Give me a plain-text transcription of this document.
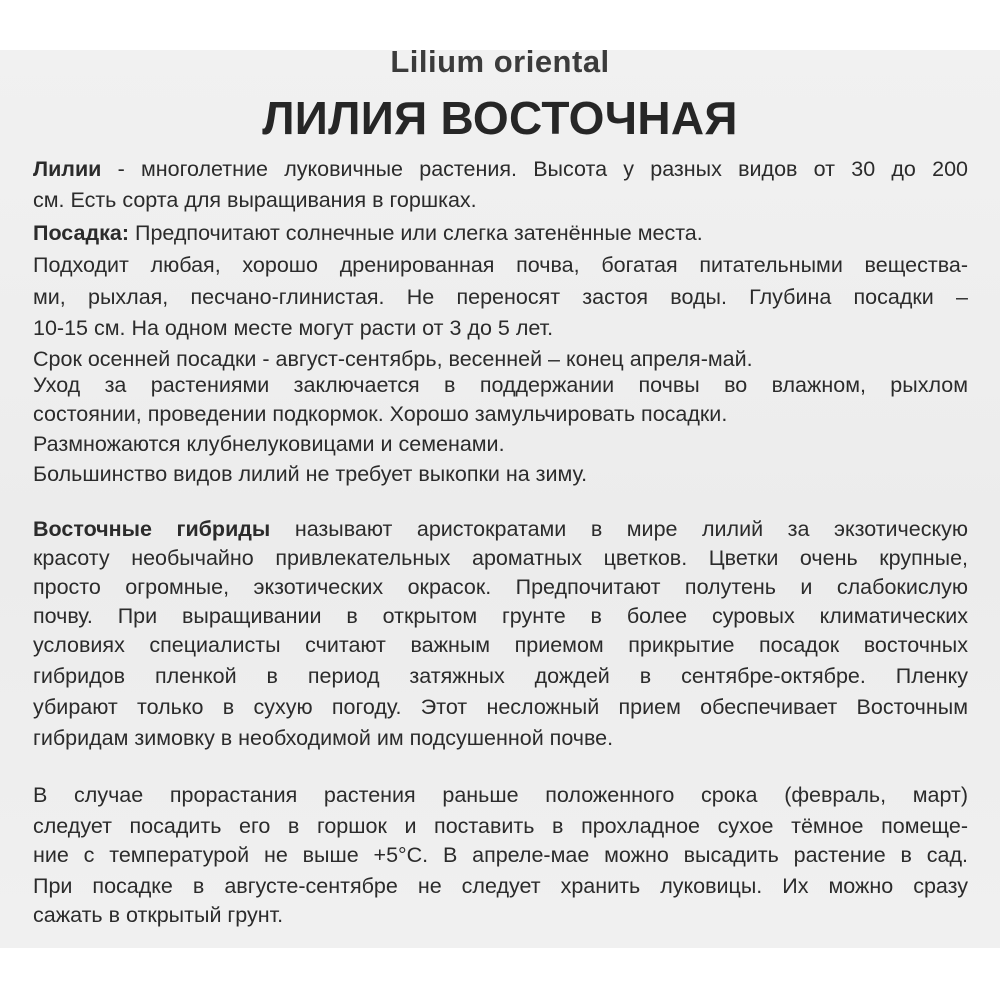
Lilium oriental
ЛИЛИЯ ВОСТОЧНАЯ
Лилии - многолетние луковичные растения. Высота у разных видов от 30 до 200
см. Есть сорта для выращивания в горшках.
Посадка: Предпочитают солнечные или слегка затенённые места.
Подходит любая, хорошо дренированная почва, богатая питательными вещества-
ми, рыхлая, песчано-глинистая. Не переносят застоя воды. Глубина посадки –
10-15 см. На одном месте могут расти от 3 до 5 лет.
Срок осенней посадки - август-сентябрь, весенней – конец апреля-май.
Уход за растениями заключается в поддержании почвы во влажном, рыхлом
состоянии, проведении подкормок. Хорошо замульчировать посадки.
Размножаются клубнелуковицами и семенами.
Большинство видов лилий не требует выкопки на зиму.
Восточные гибриды называют аристократами в мире лилий за экзотическую
красоту необычайно привлекательных ароматных цветков. Цветки очень крупные,
просто огромные, экзотических окрасок. Предпочитают полутень и слабокислую
почву. При выращивании в открытом грунте в более суровых климатических
условиях специалисты считают важным приемом прикрытие посадок восточных
гибридов пленкой в период затяжных дождей в сентябре-октябре. Пленку
убирают только в сухую погоду. Этот несложный прием обеспечивает Восточным
гибридам зимовку в необходимой им подсушенной почве.
В случае прорастания растения раньше положенного срока (февраль, март)
следует посадить его в горшок и поставить в прохладное сухое тёмное помеще-
ние с температурой не выше +5°С. В апреле-мае можно высадить растение в сад.
При посадке в августе-сентябре не следует хранить луковицы. Их можно сразу
сажать в открытый грунт.
